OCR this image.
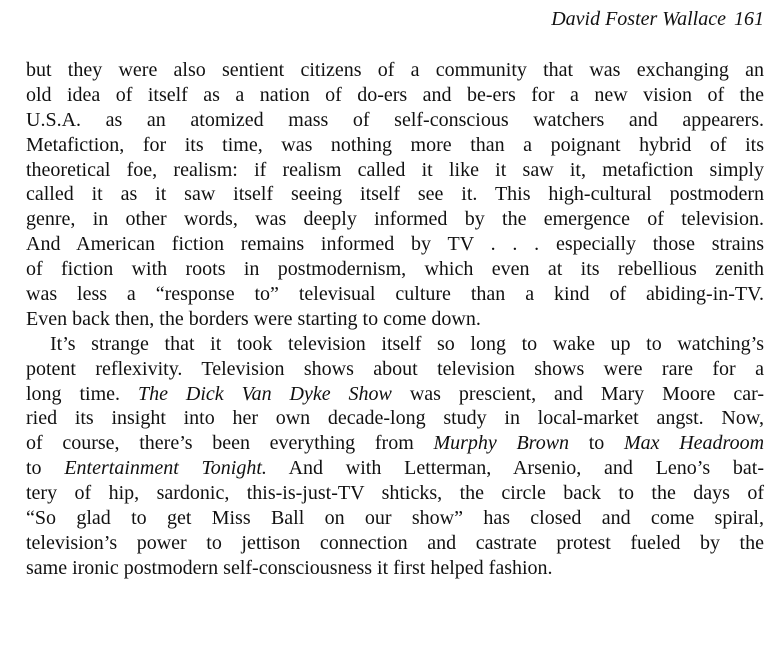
David Foster Wallace 161
but they were also sentient citizens of a community that was exchanging an
old idea of itself as a nation of do-ers and be-ers for a new vision of the
U.S.A. as an atomized mass of self-conscious watchers and appearers.
Metafiction, for its time, was nothing more than a poignant hybrid of its
theoretical foe, realism: if realism called it like it saw it, metafiction simply
called it as it saw itself seeing itself see it. This high-cultural postmodern
genre, in other words, was deeply informed by the emergence of television.
And American fiction remains informed by TV . . . especially those strains
of fiction with roots in postmodernism, which even at its rebellious zenith
was less a “response to” televisual culture than a kind of abiding-in-TV.
Even back then, the borders were starting to come down.
It’s strange that it took television itself so long to wake up to watching’s
potent reflexivity. Television shows about television shows were rare for a
long time. The Dick Van Dyke Show was prescient, and Mary Moore car-
ried its insight into her own decade-long study in local-market angst. Now,
of course, there’s been everything from Murphy Brown to Max Headroom
to Entertainment Tonight. And with Letterman, Arsenio, and Leno’s bat-
tery of hip, sardonic, this-is-just-TV shticks, the circle back to the days of
“So glad to get Miss Ball on our show” has closed and come spiral,
television’s power to jettison connection and castrate protest fueled by the
same ironic postmodern self-consciousness it first helped fashion.
